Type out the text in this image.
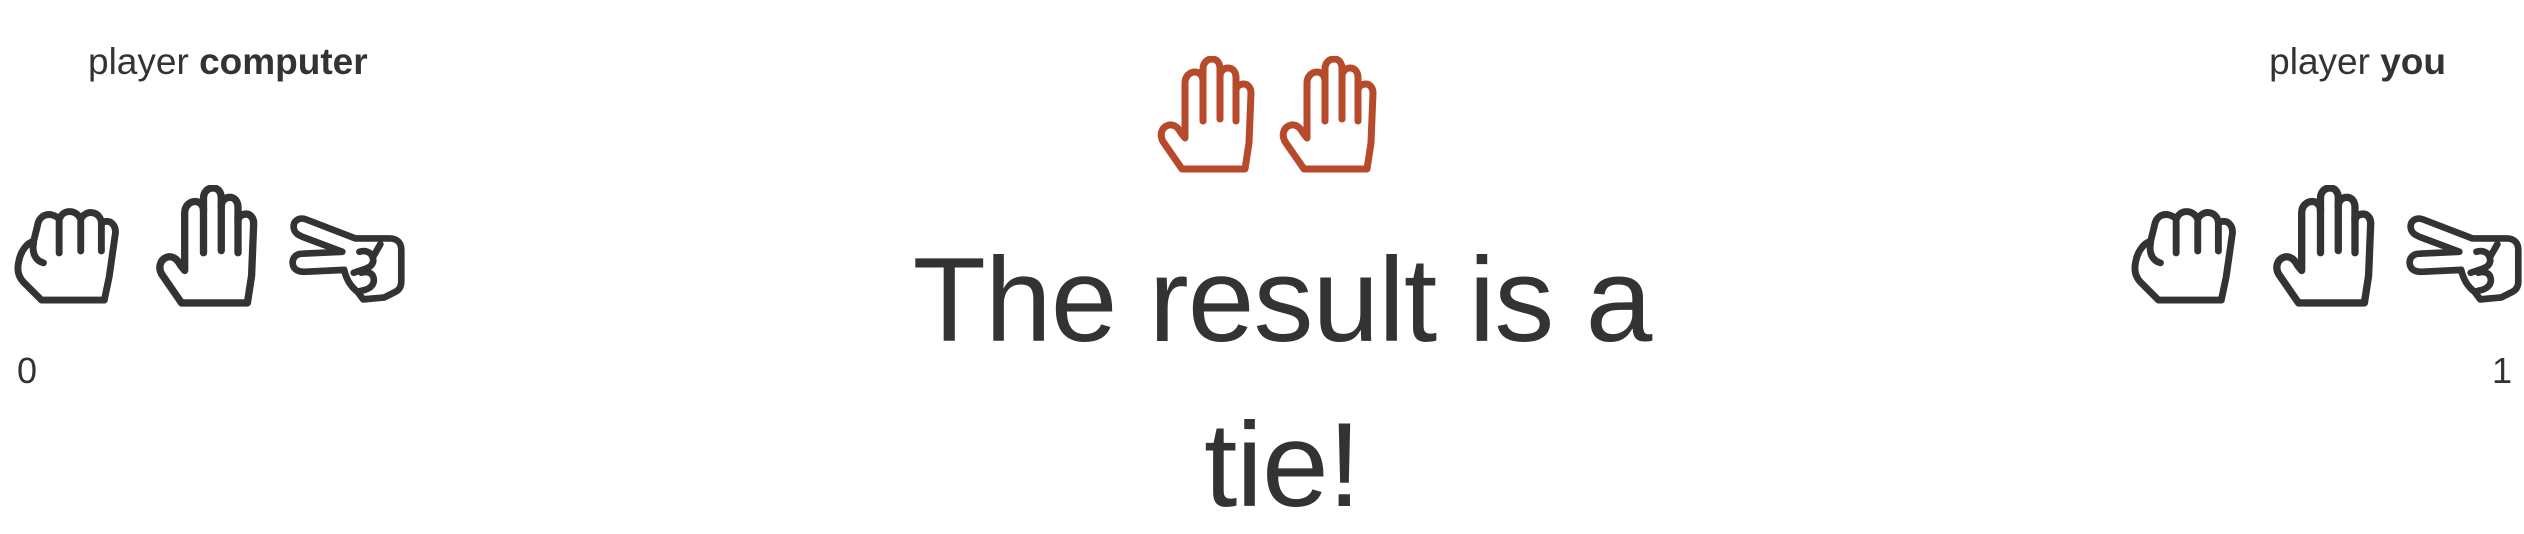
player computer
0
The result is a tie!
player you
1
